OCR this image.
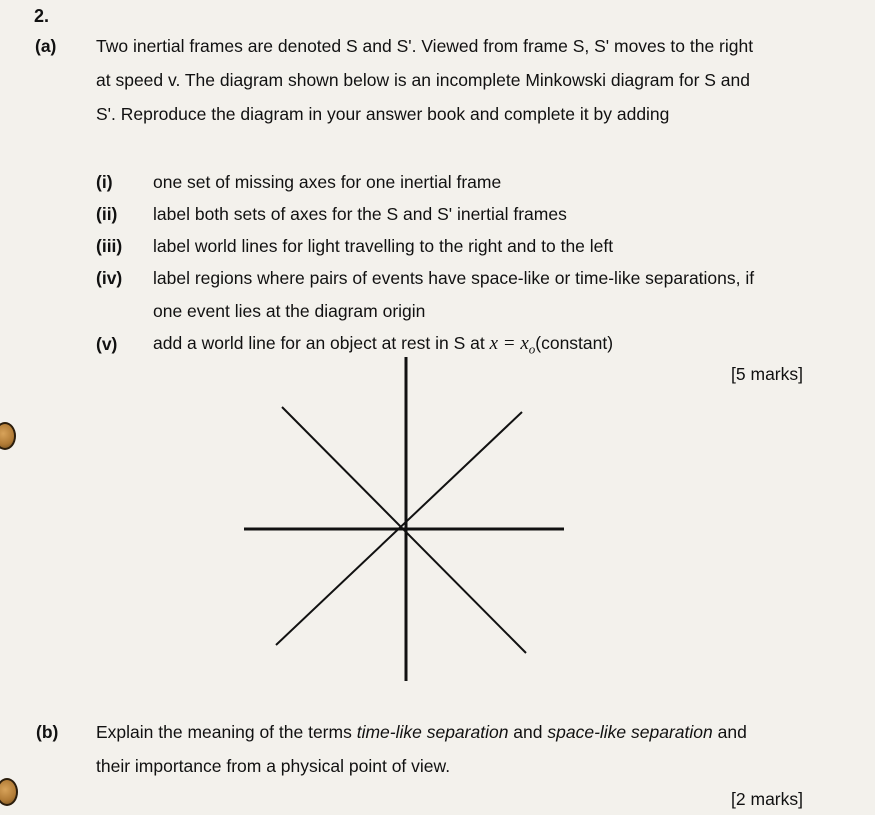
2.
(a) Two inertial frames are denoted S and S'. Viewed from frame S, S' moves to the right
at speed v. The diagram shown below is an incomplete Minkowski diagram for S and
S'. Reproduce the diagram in your answer book and complete it by adding
(i) one set of missing axes for one inertial frame
(ii) label both sets of axes for the S and S' inertial frames
(iii) label world lines for light travelling to the right and to the left
(iv) label regions where pairs of events have space-like or time-like separations, if
one event lies at the diagram origin
(v) add a world line for an object at rest in S at $x = x_o(constant)$
[5 marks]
(b) Explain the meaning of the terms time-like separation and space-like separation and
their importance from a physical point of view.
[2 marks]
